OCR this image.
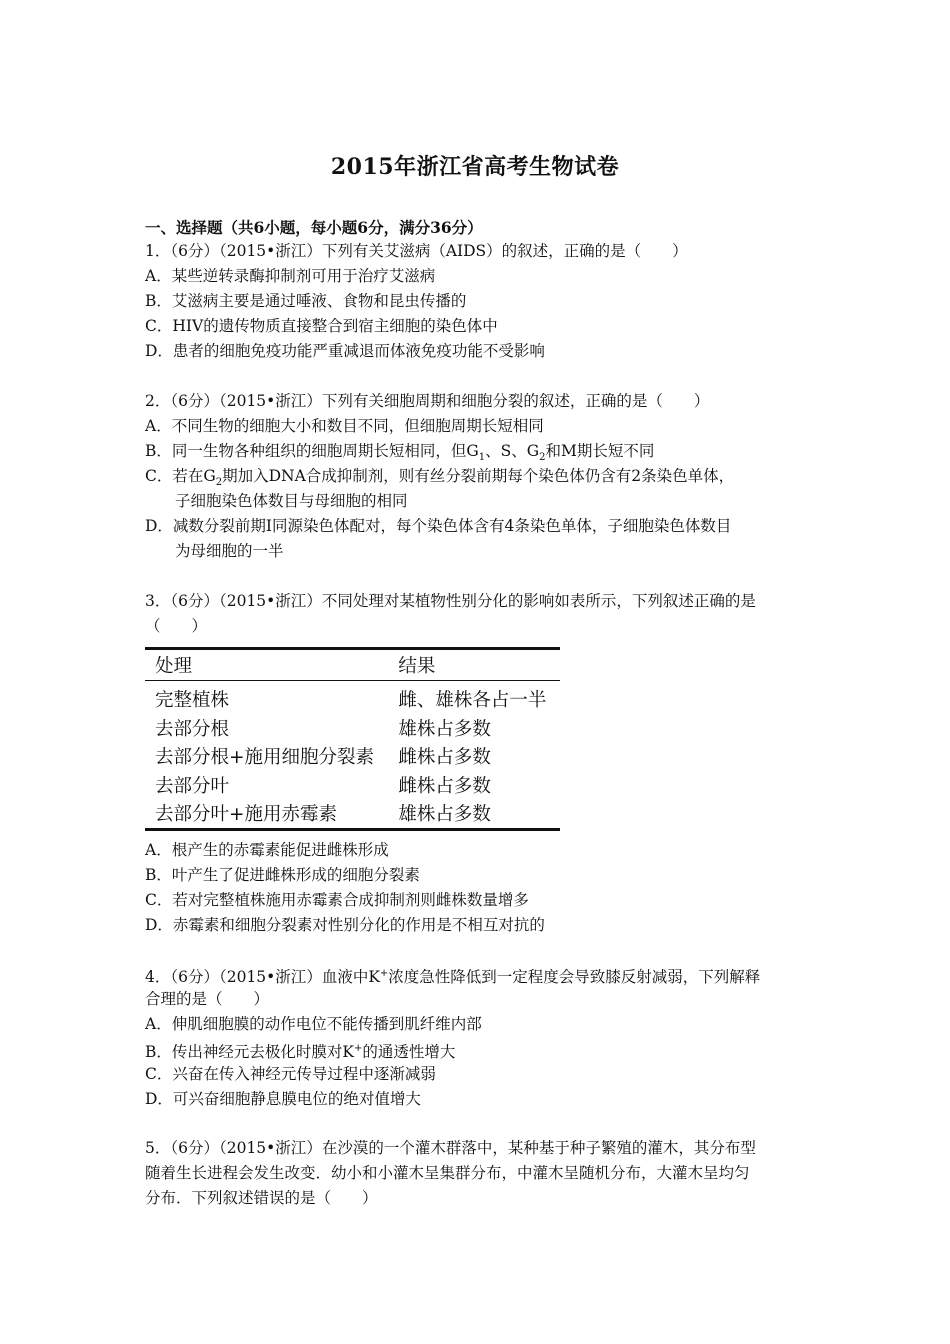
2015年浙江省高考生物试卷
一、选择题（共6小题，每小题6分，满分36分）
1．（6分）（2015•浙江）下列有关艾滋病（AIDS）的叙述，正确的是（　　）
A．某些逆转录酶抑制剂可用于治疗艾滋病
B．艾滋病主要是通过唾液、食物和昆虫传播的
C．HIV的遗传物质直接整合到宿主细胞的染色体中
D．患者的细胞免疫功能严重减退而体液免疫功能不受影响
2．（6分）（2015•浙江）下列有关细胞周期和细胞分裂的叙述，正确的是（　　）
A．不同生物的细胞大小和数目不同，但细胞周期长短相同
B．同一生物各种组织的细胞周期长短相同，但$G_1$、S、$G_2$和M期长短不同
C．若在$G_2$期加入DNA合成抑制剂，则有丝分裂前期每个染色体仍含有2条染色单体，
子细胞染色体数目与母细胞的相同
D．减数分裂前期Ⅰ同源染色体配对，每个染色体含有4条染色单体，子细胞染色体数目
为母细胞的一半
3．（6分）（2015•浙江）不同处理对某植物性别分化的影响如表所示，下列叙述正确的是
（　　）
处理	结果
完整植株	雌、雄株各占一半
去部分根	雄株占多数
去部分根+施用细胞分裂素	雌株占多数
去部分叶	雌株占多数
去部分叶+施用赤霉素	雄株占多数
A．根产生的赤霉素能促进雌株形成
B．叶产生了促进雌株形成的细胞分裂素
C．若对完整植株施用赤霉素合成抑制剂则雌株数量增多
D．赤霉素和细胞分裂素对性别分化的作用是不相互对抗的
4．（6分）（2015•浙江）血液中K+浓度急性降低到一定程度会导致膝反射减弱，下列解释
合理的是（　　）
A．伸肌细胞膜的动作电位不能传播到肌纤维内部
B．传出神经元去极化时膜对K+的通透性增大
C．兴奋在传入神经元传导过程中逐渐减弱
D．可兴奋细胞静息膜电位的绝对值增大
5．（6分）（2015•浙江）在沙漠的一个灌木群落中，某种基于种子繁殖的灌木，其分布型
随着生长进程会发生改变．幼小和小灌木呈集群分布，中灌木呈随机分布，大灌木呈均匀
分布．下列叙述错误的是（　　）
